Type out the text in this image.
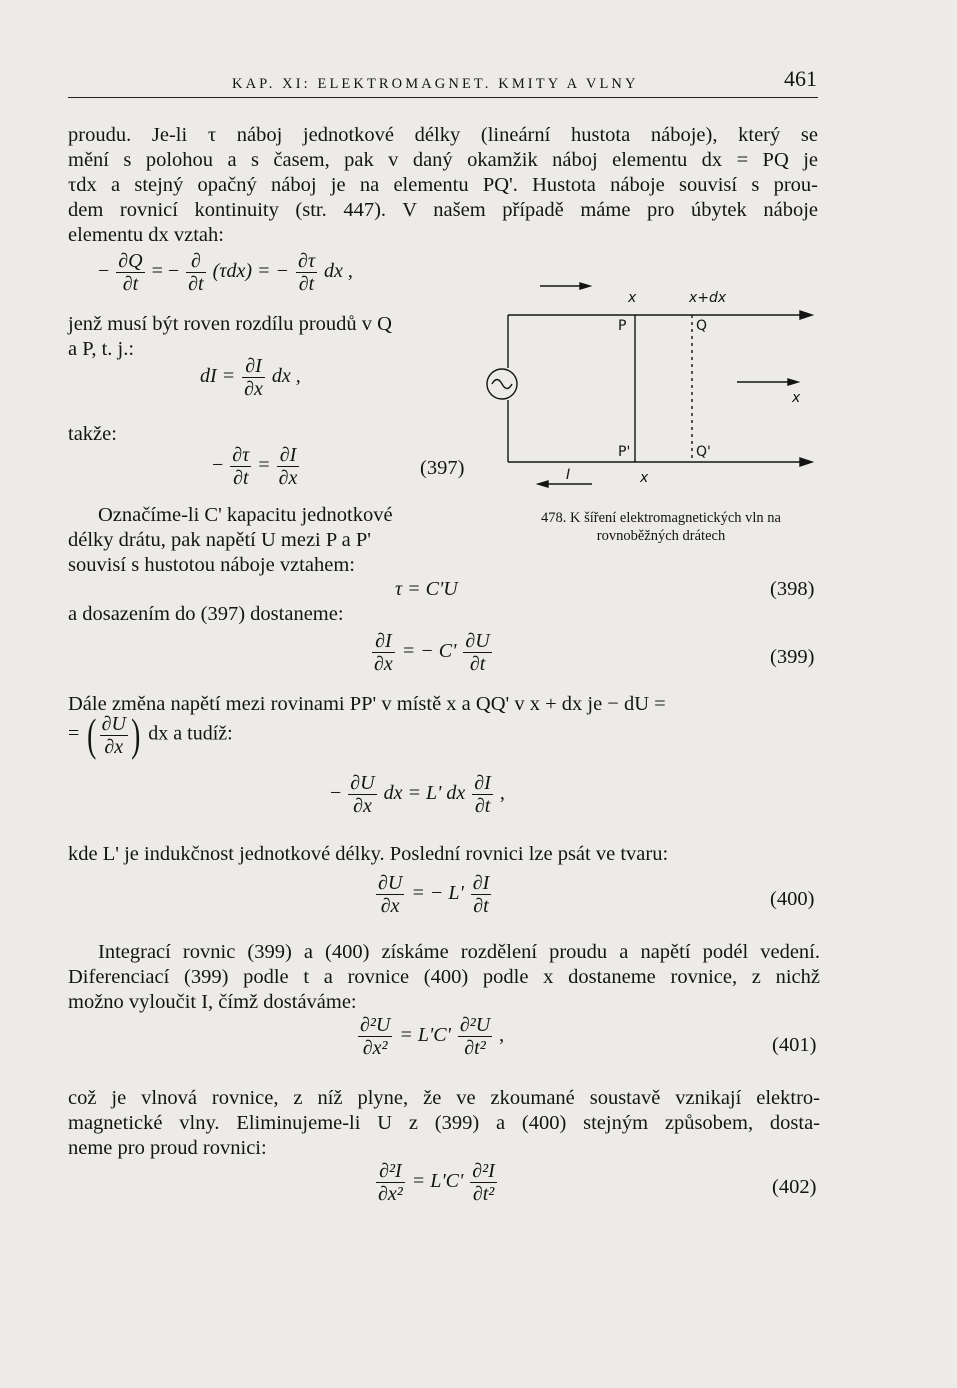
KAP. XI: ELEKTROMAGNET. KMITY A VLNY	461
proudu. Je-li τ náboj jednotkové délky (lineární hustota náboje), který se
mění s polohou a s časem, pak v daný okamžik náboj elementu dx = PQ je
τdx a stejný opačný náboj je na elementu PQ'. Hustota náboje souvisí s prou-
dem rovnicí kontinuity (str. 447). V našem případě máme pro úbytek náboje
elementu dx vztah:
− $\frac{\partial Q}{\partial t}$ = − $\frac{\partial}{\partial t} (\tau dx)$ = − $\frac{\partial\tau}{\partial t}$ dx ,
jenž musí být roven rozdílu proudů v Q
a P, t. j.:
dI = $\frac{\partial I}{\partial x}$ dx ,
takže:
− $\frac{\partial\tau}{\partial t} = \frac{\partial I}{\partial x}$	(397)
Označíme-li C' kapacitu jednotkové
délky drátu, pak napětí U mezi P a P'
souvisí s hustotou náboje vztahem:
x	x+dx
P	Q
P'	Q'
x
I
x
478. K šíření elektromagnetických vln na
rovnoběžných drátech
τ = C'U	(398)
a dosazením do (397) dostaneme:
$\frac{\partial I}{\partial x}$ = − $C' \frac{\partial U}{\partial t}$	(399)
Dále změna napětí mezi rovinami PP' v místě x a QQ' v x + dx je − dU =
= ( $\frac{\partial U}{\partial x}$ ) dx a tudíž:
− $\frac{\partial U}{\partial x}$ dx = L' dx $\frac{\partial I}{\partial t}$ ,
kde L' je indukčnost jednotkové délky. Poslední rovnici lze psát ve tvaru:
$\frac{\partial U}{\partial x}$ = − $L' \frac{\partial I}{\partial t}$	(400)
Integrací rovnic (399) a (400) získáme rozdělení proudu a napětí podél vedení.
Diferenciací (399) podle t a rovnice (400) podle x dostaneme rovnice, z nichž
možno vyloučit I, čímž dostáváme:
$\frac{\text{∂²U}}{\text{∂x²}} = L'C' \frac{\text{∂²U}}{\text{∂t²}}$ ,	(401)
což je vlnová rovnice, z níž plyne, že ve zkoumané soustavě vznikají elektro-
magnetické vlny. Eliminujeme-li U z (399) a (400) stejným způsobem, dosta-
neme pro proud rovnici:
$\frac{\text{∂²I}}{\text{∂x²}} = L'C' \frac{\text{∂²I}}{\text{∂t²}}$	(402)
